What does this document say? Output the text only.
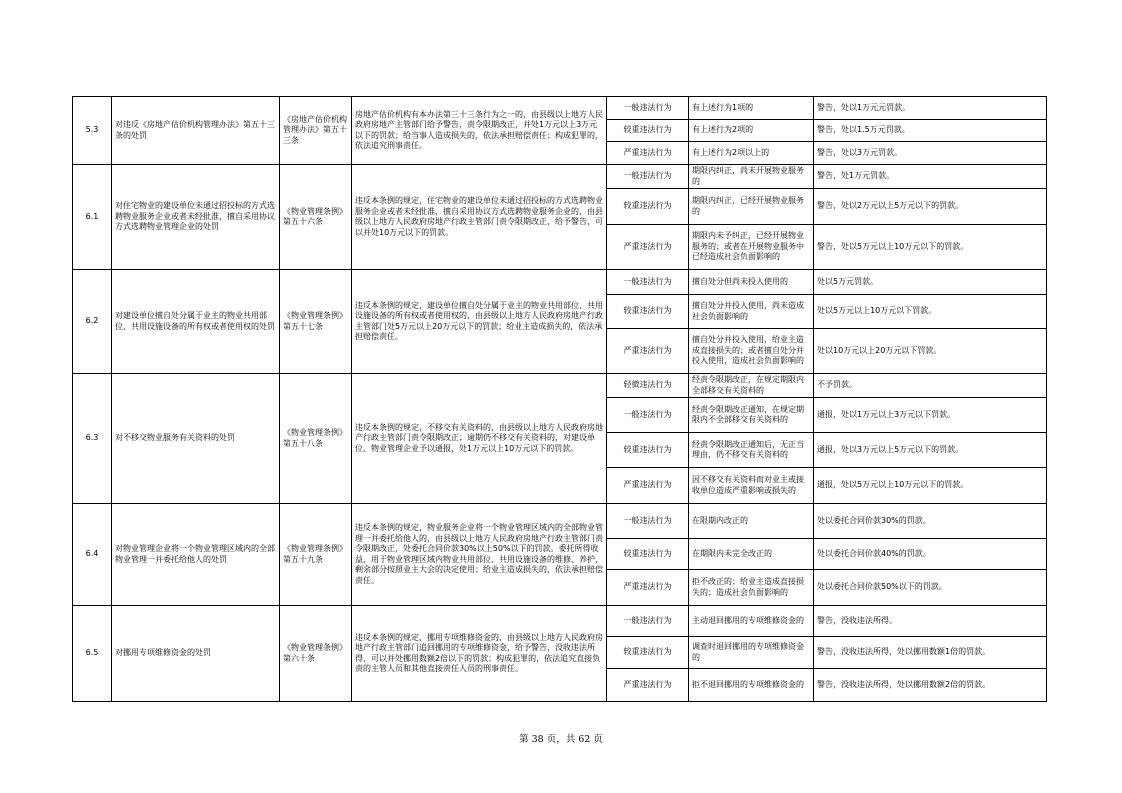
5.3	对违反《房地产估价机构管理办法》第五十三条的处罚	《房地产估价机构管理办法》第五十三条	房地产估价机构有本办法第三十三条行为之一的，由县级以上地方人民政府房地产主管部门给予警告，责令限期改正，并处1万元以上3万元以下的罚款；给当事人造成损失的，依法承担赔偿责任；构成犯罪的，依法追究刑事责任。	一般违法行为	有上述行为1项的	警告，处以1万元元罚款。
				较重违法行为	有上述行为2项的	警告，处以1.5万元罚款。
				严重违法行为	有上述行为2项以上的	警告，处以3万元罚款。
6.1	对住宅物业的建设单位未通过招投标的方式选聘物业服务企业或者未经批准，擅自采用协议方式选聘物业管理企业的处罚	《物业管理条例》第五十六条	违反本条例的规定，住宅物业的建设单位未通过招投标的方式选聘物业服务企业或者未经批准，擅自采用协议方式选聘物业服务企业的，由县级以上地方人民政府房地产行政主管部门责令限期改正，给予警告，可以并处10万元以下的罚款。	一般违法行为	期限内纠正，尚未开展物业服务的	警告，处1万元罚款。
				较重违法行为	期限内纠正，已经开展物业服务的	警告，处以2万元以上5万元以下的罚款。
				严重违法行为	期限内未予纠正，已经开展物业服务的；或者在开展物业服务中已经造成社会负面影响的	警告，处以5万元以上10万元以下的罚款。
6.2	对建设单位擅自处分属于业主的物业共用部位、共用设施设备的所有权或者使用权的处罚	《物业管理条例》第五十七条	违反本条例的规定，建设单位擅自处分属于业主的物业共用部位、共用设施设备的所有权或者使用权的，由县级以上地方人民政府房地产行政主管部门处5万元以上20万元以下的罚款；给业主造成损失的，依法承担赔偿责任。	一般违法行为	擅自处分但尚未投入使用的	处以5万元罚款。
				较重违法行为	擅自处分并投入使用，尚未造成社会负面影响的	处以5万元以上10万元以下罚款。
				严重违法行为	擅自处分并投入使用，给业主造成直接损失的；或者擅自处分并投入使用，造成社会负面影响的	处以10万元以上20万元以下罚款。
6.3	对不移交物业服务有关资料的处罚	《物业管理条例》第五十八条	违反本条例的规定，不移交有关资料的，由县级以上地方人民政府房地产行政主管部门责令限期改正；逾期仍不移交有关资料的，对建设单位、物业管理企业予以通报，处1万元以上10万元以下的罚款。	轻微违法行为	经责令限期改正，在规定期限内全部移交有关资料的	不予罚款。
				一般违法行为	经责令限期改正通知，在规定期限内不全部移交有关资料的	通报，处以1万元以上3万元以下罚款。
				较重违法行为	经责令限期改正通知后，无正当理由，仍不移交有关资料的	通报，处以3万元以上5万元以下的罚款。
				严重违法行为	因不移交有关资料而对业主或接收单位造成严重影响或损失的	通报，处以5万元以上10万元以下的罚款。
6.4	对物业管理企业将一个物业管理区域内的全部物业管理一并委托给他人的处罚	《物业管理条例》第五十九条	违反本条例的规定，物业服务企业将一个物业管理区域内的全部物业管理一并委托给他人的，由县级以上地方人民政府房地产行政主管部门责令限期改正，处委托合同价款30%以上50%以下的罚款。委托所得收益，用于物业管理区域内物业共用部位、共用设施设备的维修、养护，剩余部分按照业主大会的决定使用；给业主造成损失的，依法承担赔偿责任。	一般违法行为	在限期内改正的	处以委托合同价款30%的罚款。
				较重违法行为	在期限内未完全改正的	处以委托合同价款40%的罚款。
				严重违法行为	拒不改正的；给业主造成直接损失的；造成社会负面影响的	处以委托合同价款50%以下的罚款。
6.5	对挪用专项维修资金的处罚	《物业管理条例》第六十条	违反本条例的规定，挪用专项维修资金的，由县级以上地方人民政府房地产行政主管部门追回挪用的专项维修资金，给予警告，没收违法所得，可以并处挪用数额2倍以下的罚款；构成犯罪的，依法追究直接负责的主管人员和其他直接责任人员的刑事责任。	一般违法行为	主动退回挪用的专项维修资金的	警告，没收违法所得。
				较重违法行为	调查时退回挪用的专项维修资金的	警告，没收违法所得，处以挪用数额1倍的罚款。
				严重违法行为	拒不退回挪用的专项维修资金的	警告，没收违法所得，处以挪用数额2倍的罚款。
第 38 页，共 62 页
